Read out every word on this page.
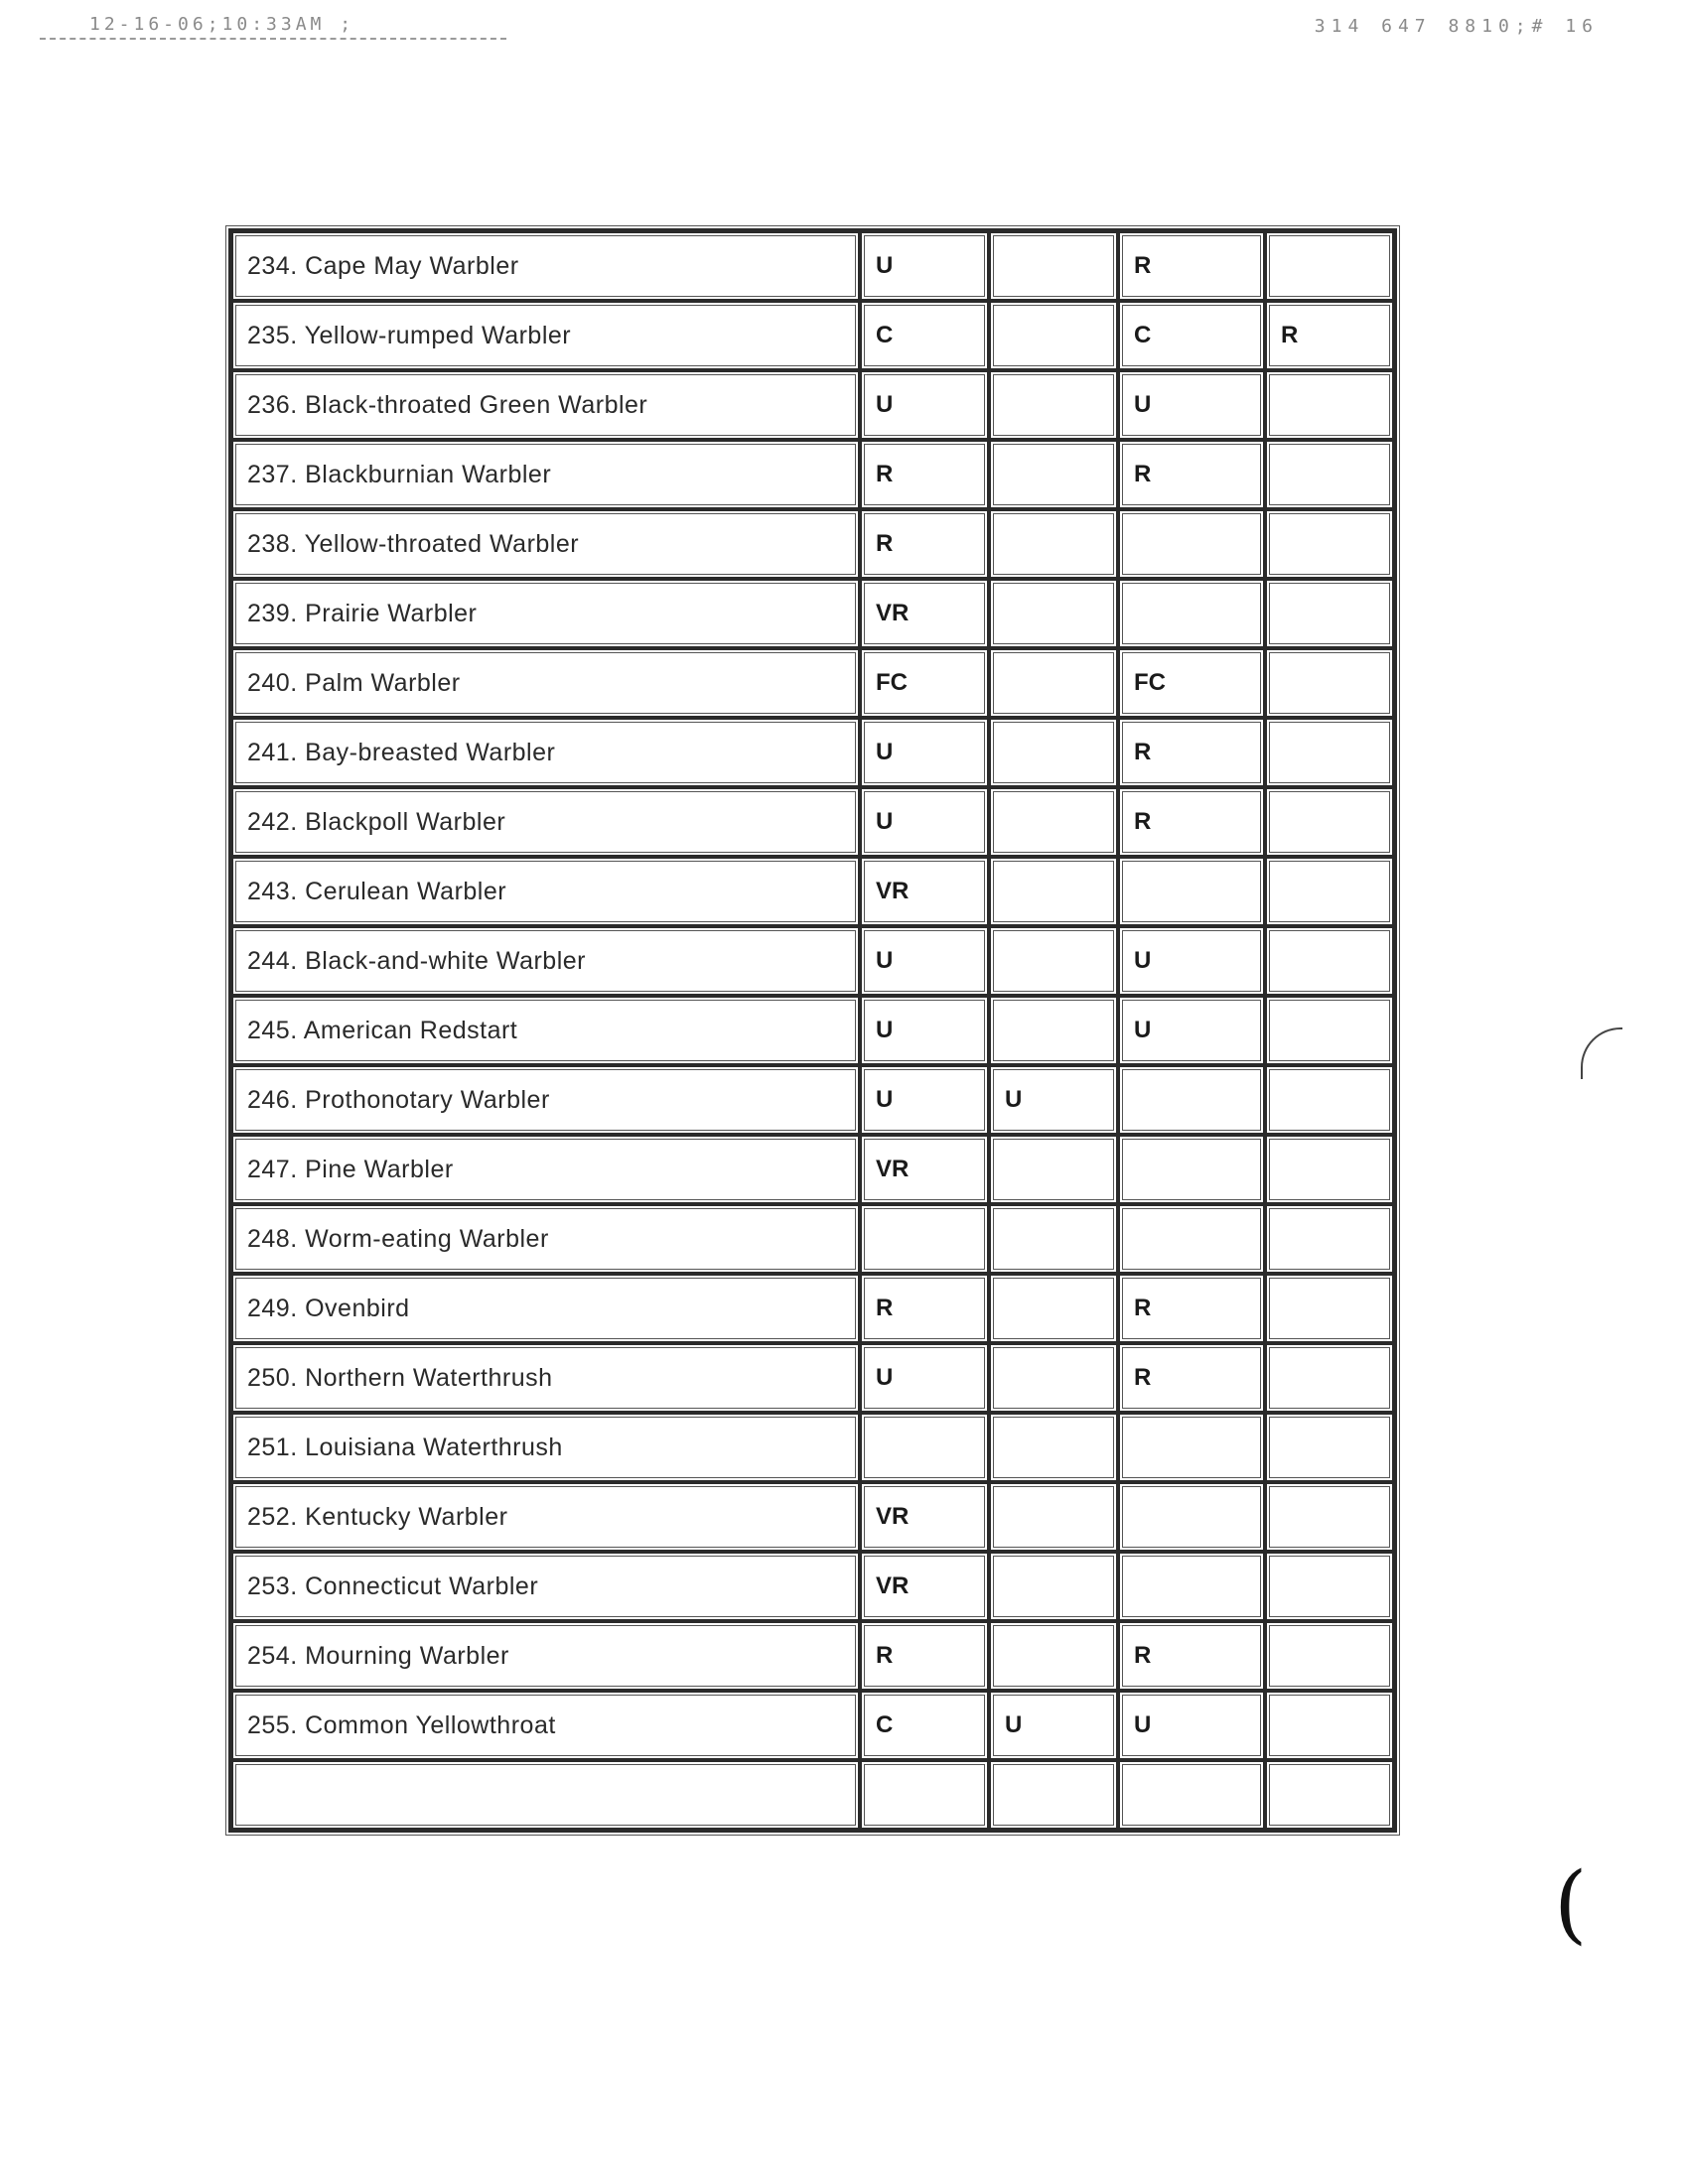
12-16-06;10:33AM ;	314 647 8810;# 16
234. Cape May Warbler	U		R	
235. Yellow-rumped Warbler	C		C	R
236. Black-throated Green Warbler	U		U	
237. Blackburnian Warbler	R		R	
238. Yellow-throated Warbler	R			
239. Prairie Warbler	VR			
240. Palm Warbler	FC		FC	
241. Bay-breasted Warbler	U		R	
242. Blackpoll Warbler	U		R	
243. Cerulean Warbler	VR			
244. Black-and-white Warbler	U		U	
245. American Redstart	U		U	
246. Prothonotary Warbler	U	U		
247. Pine Warbler	VR			
248. Worm-eating Warbler				
249. Ovenbird	R		R	
250. Northern Waterthrush	U		R	
251. Louisiana Waterthrush				
252. Kentucky Warbler	VR			
253. Connecticut Warbler	VR			
254. Mourning Warbler	R		R	
255. Common Yellowthroat	C	U	U	

(
